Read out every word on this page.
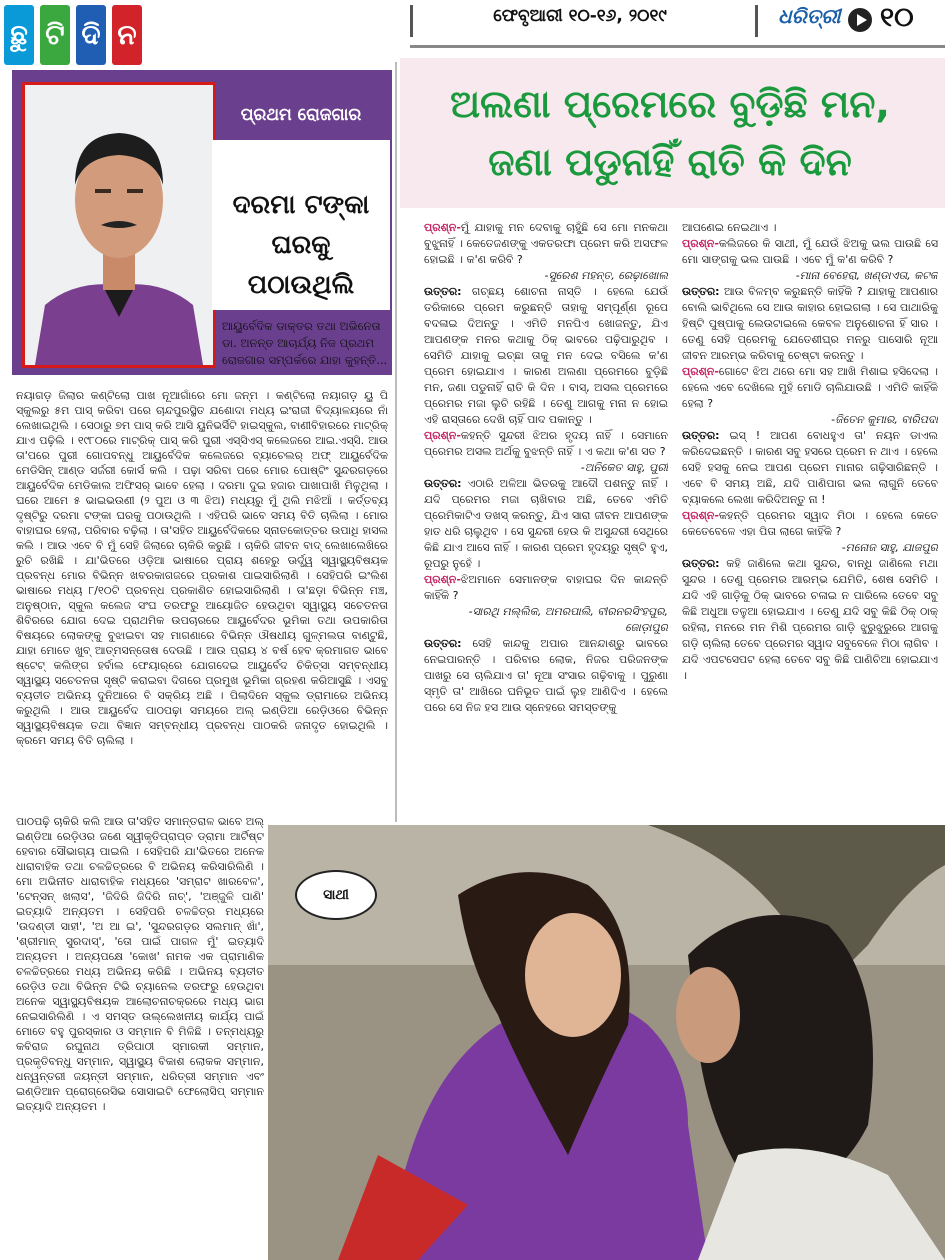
ଛୁ ଟି ଦି ନ
ଫେବୃଆରୀ ୧୦-୧୬, ୨୦୧୯	ଧରିତ୍ରୀ ୧୦
ପ୍ରଥମ ରୋଜଗାର
ଦରମା ଟଙ୍କା
ଘରକୁ
ପଠାଉଥିଲି
ଆୟୁର୍ବେଦିକ ଡାକ୍ତର ତଥା ଅଭିନେତା ଡା. ଅନନ୍ତ ଆଚାର୍ଯ୍ୟ ନିଜ ପ୍ରଥମ ରୋଜଗାର ସମ୍ପର୍କରେ ଯାହା କୁହନ୍ତି...
ନୟାଗଡ଼ ଜିଲାର କଣ୍ଟିଲୋ ପାଖ ନୂଆଗାଁରେ ମୋ ଜନ୍ମ । କଣ୍ଟିଲୋ ନୟାଗଡ଼ ୟୁ ପି ସ୍କୁଲରୁ ୫ମ ପାସ୍ କରିବା ପରେ ଚାନ୍ଦପୁରସ୍ଥିତ ଯଶୋଦା ମଧ୍ୟ ଇଂରାଜୀ ବିଦ୍ୟାଳୟରେ ନାଁ ଲେଖାଇଥିଲି । ସେଠାରୁ ୭ମ ପାସ୍ କରି ଆସି ୟୁନିଭର୍ସିଟି ହାଇସ୍କୁଲ, ବାଣୀବିହାରରେ ମାଟ୍ରିକ୍ ଯାଏ ପଢ଼ିଲି । ୧୯୮୦ରେ ମାଟ୍ରିକ୍ ପାସ୍ କରି ପୁରୀ ଏସ୍‌ସିଏସ୍ କଲେଜରେ ଆଇ.ଏସ୍‌ସି. ଆଉ ତା'ପରେ ପୁରୀ ଗୋପବନ୍ଧୁ ଆୟୁର୍ବେଦିକ କଲେଜରେ ବ୍ୟାଚେଲର୍ ଅଫ୍ ଆୟୁର୍ବେଦିକ ମେଡିସିନ୍ ଆଣ୍ଡ ସର୍ଜରୀ କୋର୍ସ କଲି । ପଢ଼ା ସରିବା ପରେ ମୋର ପୋଷ୍ଟିଂ ସୁନ୍ଦରଗଡ଼ରେ ଆୟୁର୍ବେଦିକ ମେଡିକାଲ ଅଫିସର୍ ଭାବେ ହେଲା । ଦରମା ଦୁଇ ହଜାର ପାଖାପାଖି ମିଳୁଥିଲା । ଘରେ ଆମେ ୫ ଭାଇଭଉଣୀ (୨ ପୁଅ ଓ ୩ ଝିଅ) ମଧ୍ୟରୁ ମୁଁ ଥିଲି ମଝିଆଁ । କର୍ତ୍ତବ୍ୟ ଦୃଷ୍ଟିରୁ ଦରମା ଟଙ୍କା ଘରକୁ ପଠାଉଥିଲି । ଏହିପରି ଭାବେ ସମୟ ବିତି ଚାଲିଲା । ମୋର ବାହାଘର ହେଲା, ପରିବାର ବଢ଼ିଲା । ତା'ସହିତ ଆୟୁର୍ବେଦିକରେ ସ୍ନାତକୋତ୍ତର ଉପାଧି ହାସଲ କଲି । ଆଉ ଏବେ ବି ମୁଁ ସେହି ଜିଲାରେ ଚାକିରି କରୁଛି । ଚାକିରି ଜୀବନ ବାଦ୍ ଲେଖାଲେଖିରେ ରୁଚି ରଖିଛି । ଯା'ଭିତରେ ଓଡ଼ିଆ ଭାଷାରେ ପ୍ରାୟ ଶହେରୁ ଊର୍ଦ୍ଧ୍ୱ ସ୍ୱାସ୍ଥ୍ୟବିଷୟକ ପ୍ରବନ୍ଧ ମୋର ବିଭିନ୍ନ ଖବରକାଗଜରେ ପ୍ରକାଶ ପାଇସାରିଲାଣି । ସେହିପରି ଇଂଲିଶ ଭାଷାରେ ମଧ୍ୟ ୮/୧୦ଟି ପ୍ରବନ୍ଧ ପ୍ରକାଶିତ ହୋଇସାରିଲାଣି । ତା'ଛଡ଼ା ବିଭିନ୍ନ ମଞ୍ଚ, ଅନୁଷ୍ଠାନ, ସ୍କୁଲ କଲେଜ ସଂଘ ତରଫରୁ ଆୟୋଜିତ ହେଉଥିବା ସ୍ୱାସ୍ଥ୍ୟ ସଚେତନତା ଶିବିରରେ ଯୋଗ ଦେଇ ପ୍ରାଥମିକ ଉପଚାରରେ ଆୟୁର୍ବେଦର ଭୂମିକା ତଥା ଉପକାରିତା ବିଷୟରେ ଲୋକଙ୍କୁ ବୁଝାଇବା ସହ ମାଗଣାରେ ବିଭିନ୍ନ ଔଷଧୀୟ ଗୁଳ୍ମଲତା ବାଣ୍ଟୁଛି, ଯାହା ମୋତେ ଖୁବ୍ ଆତ୍ମସନ୍ତୋଷ ଦେଉଛି । ଆଉ ପ୍ରାୟ ୪ ବର୍ଷ ହେବ କ୍ରମାଗତ ଭାବେ ଷ୍ଟେଟ୍ କଲିଙ୍ଗ ହର୍ବାଲ ଫେୟାର୍‌ରେ ଯୋଗଦେଇ ଆୟୁର୍ବେଦ ଚିକିତ୍ସା ସମ୍ବନ୍ଧୀୟ ସ୍ୱାସ୍ଥ୍ୟ ସଚେତନତା ସୃଷ୍ଟି କରାଇବା ଦିଗରେ ପ୍ରମୁଖ ଭୂମିକା ଗ୍ରହଣ କରିଆସୁଛି । ଏସବୁ ବ୍ୟତୀତ ଅଭିନୟ ଦୁନିଆରେ ବି ସକ୍ରିୟ ଅଛି । ପିଲାଦିନେ ସ୍କୁଲ ଡ୍ରାମାରେ ଅଭିନୟ କରୁଥିଲି । ଆଉ ଆୟୁର୍ବେଦ ପାଠପଢ଼ା ସମୟରେ ଅଲ୍ ଇଣ୍ଡିଆ ରେଡ଼ିଓରେ ବିଭିନ୍ନ ସ୍ୱାସ୍ଥ୍ୟବିଷୟକ ତଥା ବିଜ୍ଞାନ ସମ୍ବନ୍ଧୀୟ ପ୍ରବନ୍ଧ ପାଠକରି ଜନାଦୃତ ହୋଇଥିଲି । କ୍ରମେ ସମୟ ବିତି ଚାଲିଲା ।
ପାଠପଢ଼ି ଚାକିରି କଲି ଆଉ ତା'ସହିତ ସମାନ୍ତରାଳ ଭାବେ ଅଲ୍ ଇଣ୍ଡିଆ ରେଡ଼ିଓର ଜଣେ ସ୍ୱୀକୃତିପ୍ରାପ୍ତ ଡ୍ରାମା ଆର୍ଟିଷ୍ଟ ହେବାର ସୌଭାଗ୍ୟ ପାଇଲି । ସେହିପରି ଯା'ଭିତରେ ଅନେକ ଧାରାବାହିକ ତଥା ଚଳଚ୍ଚିତ୍ରରେ ବି ଅଭିନୟ କରିସାରିଲିଣି । ମୋ ଅଭିନୀତ ଧାରାବାହିକ ମଧ୍ୟରେ 'ସମ୍ରାଟ ଖାରବେଳ', 'ଟେନ୍‌ସନ୍ ଖଲାସ', 'ଜିଦିରି ଜିଦିରି ନାଚ୍', 'ଅଞ୍ଜୁଳି ପାଣି' ଇତ୍ୟାଦି ଅନ୍ୟତମ । ସେହିପରି ଚଳଚ୍ଚିତ୍ର ମଧ୍ୟରେ 'ଉଦଣ୍ଡୀ ସାହୀ', 'ଅ ଆ ଇ', 'ସୁନ୍ଦରଗଡ଼ର ସଲମାନ୍ ଖାଁ', 'ଶ୍ରୀମାନ୍ ସୁରଦାସ୍', 'ତୋ ପାଇଁ ପାଗଳ ମୁଁ' ଇତ୍ୟାଦି ଅନ୍ୟତମ । ଅନ୍ୟପକ୍ଷେ 'କୋଖ' ନାମକ ଏକ ପ୍ରାମାଣିକ ଚଳଚ୍ଚିତ୍ରରେ ମଧ୍ୟ ଅଭିନୟ କରିଛି । ଅଭିନୟ ବ୍ୟତୀତ ରେଡ଼ିଓ ତଥା ବିଭିନ୍ନ ଟିଭି ଚ୍ୟାନେଲ ତରଫରୁ ହେଉଥିବା ଅନେକ ସ୍ୱାସ୍ଥ୍ୟବିଷୟକ ଆଲୋଚନାଚକ୍ରରେ ମଧ୍ୟ ଭାଗ ନେଇସାରିଲିଣି । ଏ ସମସ୍ତ ଉଲ୍ଲେଖନୀୟ କାର୍ଯ୍ୟ ପାଇଁ ମୋତେ ବହୁ ପୁରସ୍କାର ଓ ସମ୍ମାନ ବି ମିଳିଛି । ତନ୍ମଧ୍ୟରୁ କବିରାଜ ରଘୁନାଥ ତ୍ରିପାଠୀ ସ୍ମାରକୀ ସମ୍ମାନ, ପ୍ରକୃତିବନ୍ଧୁ ସମ୍ମାନ, ସ୍ୱାସ୍ଥ୍ୟ ବିକାଶ ଲୋକକ ସମ୍ମାନ, ଧନ୍ୱନ୍ତରୀ ଜୟନ୍ତୀ ସମ୍ମାନ, ଧରିତ୍ରୀ ସମ୍ମାନ ଏବଂ ଇଣ୍ଡିଆନ ପ୍ରୋଗ୍ରେସିଭ ସୋସାଇଟି ଫେଲୋସିପ୍ ସମ୍ମାନ ଇତ୍ୟାଦି ଅନ୍ୟତମ ।
ଅଲଣା ପ୍ରେମରେ ବୁଡ଼ିଛି ମନ,
ଜଣା ପଡୁନାହିଁ ରାତି କି ଦିନ
ପ୍ରଶ୍ନ-ମୁଁ ଯାହାକୁ ମନ ଦେବାକୁ ଚାହୁଁଛି ସେ ମୋ ମନକଥା ବୁଝୁନାହିଁ । କେତେଜଣଙ୍କୁ ଏକତରଫା ପ୍ରେମ କରି ଅସଫଳ ହୋଇଛି । କ'ଣ କରିବି ?
-ସୁରେଶ ମହନ୍ତ, ରେଢ଼ାଖୋଲ
ଉତ୍ତର: ଗଚ୍ଛୟ ଶୋଚନା ନାସ୍ତି । ହେଲେ ଯେଉଁ ତରିକାରେ ପ୍ରେମ କରୁଛନ୍ତି ତାହାକୁ ସମ୍ପୂର୍ଣ୍ଣ ରୂପେ ବଦଳାଇ ଦିଅନ୍ତୁ । ଏମିତି ମନପିଏ ଖୋଜନ୍ତୁ, ଯିଏ ଆପଣଙ୍କ ମନର କଥାକୁ ଠିକ୍ ଭାବରେ ପଢ଼ିପାରୁଥିବ । ସେମିତି ଯାହାକୁ ଇଚ୍ଛା ତାକୁ ମନ ଦେଇ ବସିଲେ କ'ଣ ପ୍ରେମ ହୋଇଯାଏ । କାରଣ ଅଲଣା ପ୍ରେମରେ ବୁଡ଼ିଛି ମନ, ଜଣା ପଡୁନାହିଁ ରାତି କି ଦିନ । ବାସ୍, ଅସଲ ପ୍ରେମରେ ପ୍ରେମର ମଜା ଲୁଚି ରହିଛି । ତେଣୁ ଆଗକୁ ମନା ନ ହୋଇ ଏହି ରାସ୍ତାରେ ଦେଖି ଚାହିଁ ପାଦ ପକାନ୍ତୁ ।
ପ୍ରଶ୍ନ-କହନ୍ତି ସୁନ୍ଦରୀ ଝିଅର ହୃଦୟ ନାହିଁ । ସେମାନେ ପ୍ରେମର ଅସଲ ଅର୍ଥକୁ ବୁଝନ୍ତି ନାହିଁ । ଏ କଥା କ'ଣ ସତ ?
-ଅନିକେତ ସାହୁ, ପୁରୀ
ଉତ୍ତର: ଏଠାରି ଅଳିଆ ଭିତରକୁ ଆଦୌ ପଶନ୍ତୁ ନାହିଁ । ଯଦି ପ୍ରେମର ମଜା ଚାଖିବାର ଅଛି, ତେବେ ଏମିତି ପ୍ରେମିକାଟିଏ ଡଖସ୍ କରନ୍ତୁ, ଯିଏ ସାରା ଜୀବନ ଆପଣଙ୍କ ହାତ ଧରି ଚାଲୁଥିବ । ସେ ସୁନ୍ଦରୀ ହେଉ କି ଅସୁନ୍ଦରୀ ସେଥିରେ କିଛି ଯାଏ ଆସେ ନାହିଁ । କାରଣ ପ୍ରେମ ହୃଦୟରୁ ସୃଷ୍ଟି ହୁଏ, ରୂପରୁ ନୁହେଁ ।
ପ୍ରଶ୍ନ-ଝିଅମାନେ ସେମାନଙ୍କ ବାହାଘର ଦିନ କାନ୍ଦନ୍ତି କାହିଁକି ?
-ସାରଥି ମଲ୍ଲିକ, ଅମରପାଲି, ବୀରନରସିଂହପୁର, ଜୋଡ଼ାପୁର
ଉତ୍ତର: ସେହି କାନ୍ଦକୁ ଅପାର ଆନନ୍ଦାଶ୍ରୁ ଭାବରେ ନେଇପାରନ୍ତି । ପରିବାର ଲୋକ, ନିଜର ପରିଜନଙ୍କ ପାଖରୁ ସେ ଚାଲିଯାଏ ତା' ନୂଆ ସଂସାର ଗଢ଼ିବାକୁ । ପୁରୁଣା ସ୍ମୃତି ତା' ଆଖିରେ ଘନିଭୂତ ପାଇଁ ଲୁହ ଆଣିଦିଏ । ହେଲେ ପରେ ସେ ନିଜ ହସ ଆଉ ସ୍ନେହରେ ସମସ୍ତଙ୍କୁ
ଆପଣେଇ ନେଇଥାଏ ।
ପ୍ରଶ୍ନ-କଲିଜରେ କି ସାଥୀ, ମୁଁ ଯେଉଁ ଝିଅକୁ ଭଲ ପାଉଛି ସେ ମୋ ସାଙ୍ଗକୁ ଭଲ ପାଉଛି । ଏବେ ମୁଁ କ'ଣ କରିବି ?
-ମାନା ବେହେରା, ଖଣ୍ଡାଏତା, କଟକ
ଉତ୍ତର: ଆଉ ବିଳମ୍ବ କରୁଛନ୍ତି କାହିଁକି ? ଯାହାକୁ ଆପଣାର ବୋଲି ଭାବିଥିଲେ ସେ ଆଉ କାହାର ହୋଇଗଲା । ସେ ପାଥାରିକୁ ହିଷ୍ଟି ପୁଷ୍ପାକୁ ଲେଉଟାଇଲେ କେବଳ ଅନୁଶୋଚନା ହିଁ ସାର । ତେଣୁ ସେହି ପ୍ରେମକୁ ଯେତେଶୀଘ୍ର ମନରୁ ପାସୋରି ନୂଆ ଜୀବନ ଆରମ୍ଭ କରିବାକୁ ଚେଷ୍ଟା କରନ୍ତୁ ।
ପ୍ରଶ୍ନ-ଗୋଟେ ଝିଅ ଥରେ ମୋ ସହ ଆଖି ମିଶାଇ ହସିଦେଲା । ହେଲେ ଏବେ ଦେଖିଲେ ମୁହଁ ମୋଡି ଚାଲିଯାଉଛି । ଏମିତି କାହିଁକି ହେଲା ?
-ଜିତେନ କୁମାର, ବାରିପଦା
ଉତ୍ତର: ଇସ୍ ! ଆପଣ ବୋଧହୁଏ ତା' ନୟନ ଡାଏଲ କରିଦେଇଛନ୍ତି । କାରଣ ସବୁ ହସରେ ପ୍ରେମ ନ ଥାଏ । ହେଲେ ସେହି ହସକୁ ନେଇ ଆପଣ ପ୍ରେମ ମାନାର ଗଢ଼ିସାରିଛନ୍ତି । ଏବେ ବି ସମୟ ଅଛି, ଯଦି ପାଣିପାଗ ଭଲ ଲାଗୁନି ତେବେ ବ୍ୟାକଲେ ଲେଖା କରିଦିଅନ୍ତୁ ନା !
ପ୍ରଶ୍ନ-କହନ୍ତି ପ୍ରେମର ସ୍ୱାଦ ମିଠା । ହେଲେ କେତେ କେତେବେଳେ ଏହା ପିତା ଲାଗେ କାହିଁକି ?
-ମନୋଜ ସାହୁ, ଯାଜପୁର
ଉତ୍ତର: କହି ଜାଣିଲେ କଥା ସୁନ୍ଦର, ବାନ୍ଧି ଜାଣିଲେ ମଥା ସୁନ୍ଦର । ତେଣୁ ପ୍ରେମର ଆରମ୍ଭ ଯେମିତି, ଶେଷ ସେମିତି । ଯଦି ଏହି ଗାଡ଼ିକୁ ଠିକ୍ ଭାବରେ ଚଳାଇ ନ ପାରିଲେ ତେବେ ସବୁ କିଛି ଅଧୁଆ ତଳୁଆ ହୋଇଯାଏ । ତେଣୁ ଯଦି ସବୁ କିଛି ଠିକ୍ ଠାକ୍ ରହିଲା, ମନରେ ମନ ମିଶି ପ୍ରେମର ଗାଡ଼ି ଝୁରୁଝୁରୁରେ ଆଗକୁ ଗଡ଼ି ଚାଲିଲା ତେବେ ପ୍ରେମର ସ୍ୱାଦ ସବୁବେଳେ ମିଠା ଲାଗିବ । ଯଦି ଏପଟସେପଟ ହେଲା ତେବେ ସବୁ କିଛି ପାଣିଚିଆ ହୋଇଯାଏ ।
ସାଥୀ
